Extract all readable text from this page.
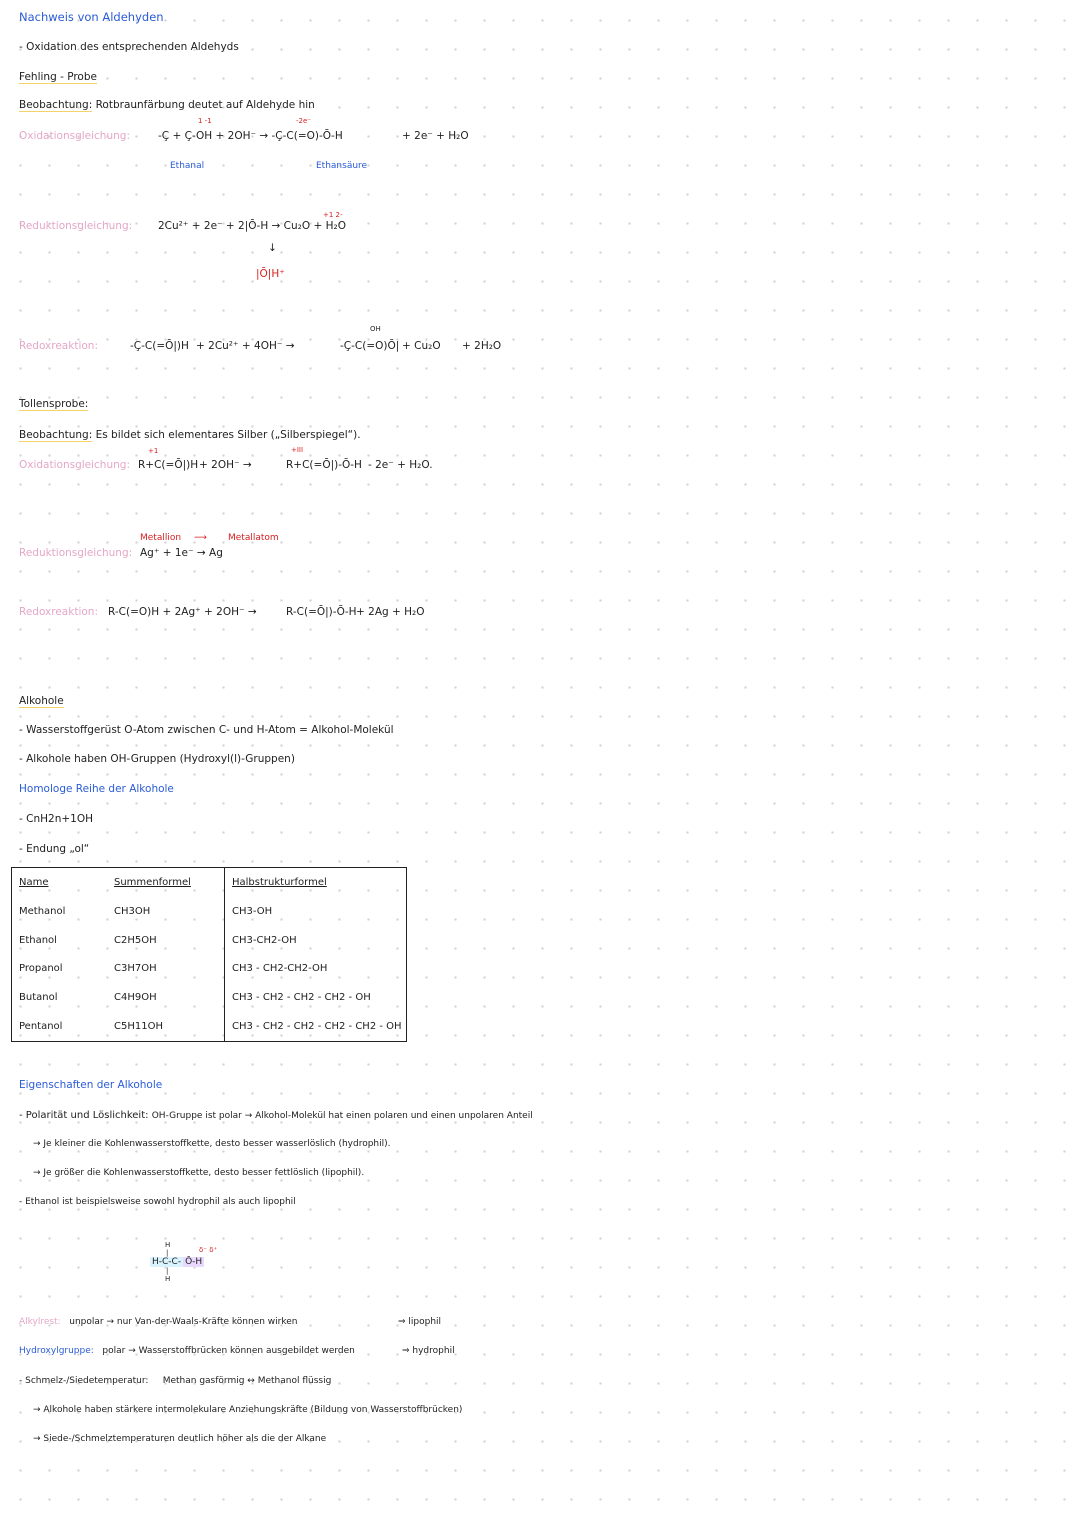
Nachweis von Aldehyden
- Oxidation des entsprechenden Aldehyds
Fehling - Probe
Beobachtung: Rotbraunfärbung deutet auf Aldehyde hin
Oxidationsgleichung:
1 -1	-2e⁻
-Ç + Ç-OH + 2OH⁻ → -Ç-C(=O)-Ō-H	+ 2e⁻ + H₂O
Ethanal	Ethansäure
Reduktionsgleichung:
+1 2-
2Cu²⁺ + 2e⁻ + 2|Ō-H → Cu₂O + H₂O
↓
|Ō|H⁺
Redoxreaktion:	-Ç-C(=Ō|)H + 2Cu²⁺ + 4OH⁻ →
OH
-Ç-C(=O)Ō| + Cu₂O + 2H₂O
Tollensprobe:
Beobachtung: Es bildet sich elementares Silber („Silberspiegel“).
Oxidationsgleichung:
+1	+III
R+C(=Ō|)H + 2OH⁻ →	R+C(=Ō|)-Ō-H - 2e⁻ + H₂O.
Metallion ⟶ Metallatom
Reduktionsgleichung: Ag⁺ + 1e⁻ → Ag
Redoxreaktion: R-C(=O)H + 2Ag⁺ + 2OH⁻ →	R-C(=Ō|)-Ō-H + 2Ag + H₂O
Alkohole
- Wasserstoffgerüst O-Atom zwischen C- und H-Atom = Alkohol-Molekül
- Alkohole haben OH-Gruppen (Hydroxyl(l)-Gruppen)
Homologe Reihe der Alkohole
- CnH2n+1OH
- Endung „ol“
Name	Summenformel	Halbstrukturformel
Methanol	CH3OH	CH3-OH
Ethanol	C2H5OH	CH3-CH2-OH
Propanol	C3H7OH	CH3 - CH2-CH2-OH
Butanol	C4H9OH	CH3 - CH2 - CH2 - CH2 - OH
Pentanol	C5H11OH	CH3 - CH2 - CH2 - CH2 - CH2 - OH
Eigenschaften der Alkohole
- Polarität und Löslichkeit: OH-Gruppe ist polar → Alkohol-Molekül hat einen polaren und einen unpolaren Anteil
→ Je kleiner die Kohlenwasserstoffkette, desto besser wasserlöslich (hydrophil).
→ Je größer die Kohlenwasserstoffkette, desto besser fettlöslich (lipophil).
- Ethanol ist beispielsweise sowohl hydrophil als auch lipophil
H
|	δ⁻ δ⁺
H-C-C- Ō-H
|
H
Alkylrest: unpolar → nur Van-der-Waals-Kräfte können wirken	⇒ lipophil
Hydroxylgruppe: polar → Wasserstoffbrücken können ausgebildet werden	⇒ hydrophil
- Schmelz-/Siedetemperatur: Methan gasförmig ↔ Methanol flüssig
→ Alkohole haben stärkere intermolekulare Anziehungskräfte (Bildung von Wasserstoffbrücken)
→ Siede-/Schmelztemperaturen deutlich höher als die der Alkane
